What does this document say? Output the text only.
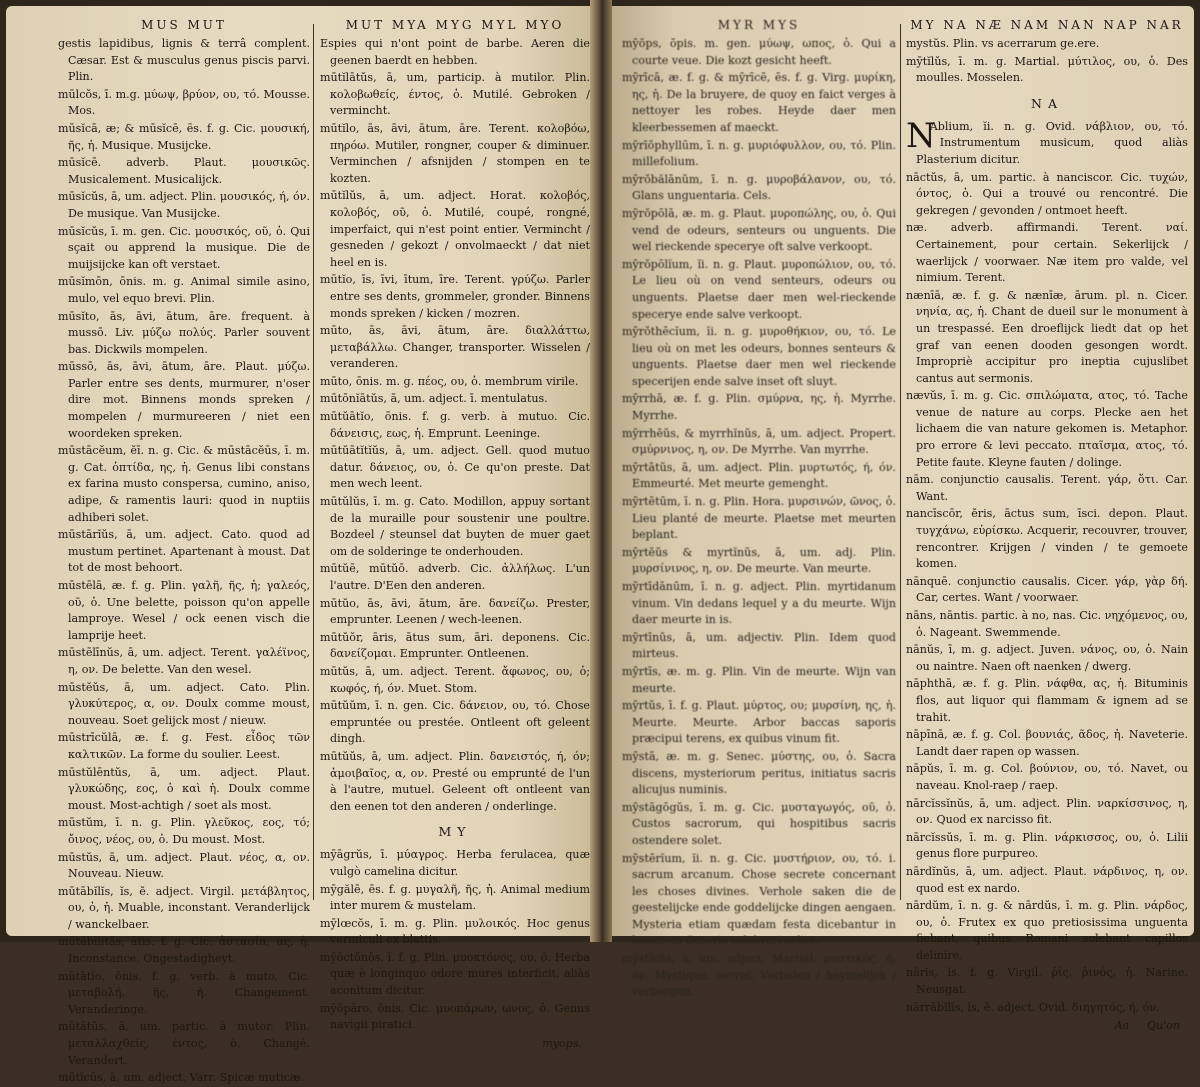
MUS MUT
gestis lapidibus, lignis & terrâ complent. Cæsar. Est & musculus genus piscis parvi. Plin.
mūlcŏs, ī. m.g. μύωψ, βρύον, ου, τό. Mousse. Mos.
mūsĭcā, æ; & mūsĭcē, ēs. f. g. Cic. μουσική, ῆς, ἡ. Musique. Musijcke.
mūsĭcē. adverb. Plaut. μουσικῶς. Musicalement. Musicalijck.
mūsĭcŭs, ā, um. adject. Plin. μουσικός, ή, όν. De musique. Van Musijcke.
mūsĭcŭs, ī. m. gen. Cic. μουσικός, οῦ, ὁ. Qui sçait ou apprend la musique. Die de muijsijcke kan oft verstaet.
mūsĭmōn, ōnis. m. g. Animal simile asino, mulo, vel equo brevi. Plin.
mūsĭto, ās, āvi, ātum, āre. frequent. à mussō. Liv. μύζω πολύς. Parler souvent bas. Dickwils mompelen.
mūssō, ās, āvi, ātum, āre. Plaut. μύζω. Parler entre ses dents, murmurer, n'oser dire mot. Binnens monds spreken / mompelen / murmureeren / niet een woordeken spreken.
mūstācĕum, ĕī. n. g. Cic. & mūstācĕūs, ī. m. g. Cat. ὀπτίδα, ης, ἡ. Genus libi constans ex farina musto conspersa, cumino, aniso, adipe, & ramentis lauri: quod in nuptiis adhiberi solet.
mūstārĭŭs, ā, um. adject. Cato. quod ad mustum pertinet. Apartenant à moust. Dat tot de most behoort.
mūstēlā, æ. f. g. Plin. γαλῆ, ῆς, ἡ; γαλεός, οῦ, ὁ. Une belette, poisson qu'on appelle lamproye. Wesel / ock eenen visch die lamprije heet.
mūstēlīnŭs, ā, um. adject. Terent. γαλέϊνος, η, ον. De belette. Van den wesel.
mūstĕŭs, ā, um. adject. Cato. Plin. γλυκύτερος, α, ον. Doulx comme moust, nouveau. Soet gelijck most / nieuw.
mūstrīcŭlā, æ. f. g. Fest. εἶδος τῶν καλτικῶν. La forme du soulier. Leest.
mūstŭlēntŭs, ā, um. adject. Plaut. γλυκώδης, εος, ὁ καὶ ἡ. Doulx comme moust. Most-achtigh / soet als most.
mūstŭm, ī. n. g. Plin. γλεῦκος, εος, τό; ὄινος, νέος, ου, ὁ. Du moust. Most.
mūstŭs, ā, um. adject. Plaut. νέος, α, ον. Nouveau. Nieuw.
mūtābĭlĭs, ĭs, ĕ. adject. Virgil. μετάβλητος, ου, ὁ, ἡ. Muable, inconstant. Veranderlijck / wanckelbaer.
mūtābĭlĭtās, ātis. f. g. Cic. ἀστασία, ας, ἡ. Inconstance. Ongestadigheyt.
mūtātĭo, ōnis. f. g. verb. à muto. Cic. μεταβολή, ῆς, ἡ. Changement. Veranderinge.
mūtātŭs, ā, um. partic. à mutor. Plin. μεταλλαχθείς, έντος, ὁ. Changé. Verandert.
mūtĭcŭs, ā, um. adject. Varr. Spicæ muticæ.
MUT MYA MYG MYL MYO
Espies qui n'ont point de barbe. Aeren die geenen baerdt en hebben.
mūtĭlātŭs, ā, um, particip. à mutilor. Plin. κολοβωθείς, έντος, ὁ. Mutilé. Gebroken / vermincht.
mūtĭlo, ās, āvi, ātum, āre. Terent. κολοβόω, πηρόω. Mutiler, rongner, couper & diminuer. Verminchen / afsnijden / stompen en te kozten.
mūtĭlŭs, ā, um. adject. Horat. κολοβός, κολοβός, οῦ, ὁ. Mutilé, coupé, rongné, imperfaict, qui n'est point entier. Vermincht / gesneden / gekozt / onvolmaeckt / dat niet heel en is.
mūtĭo, īs, īvi, ītum, īre. Terent. γρύζω. Parler entre ses dents, grommeler, gronder. Binnens monds spreken / kicken / mozren.
mūto, ās, āvi, ātum, āre. διαλλάττω, μεταβάλλω. Changer, transporter. Wisselen / veranderen.
mūto, ōnis. m. g. πέος, ου, ὁ. membrum virile.
mūtōnĭātŭs, ā, um. adject. ī. mentulatus.
mūtŭātĭo, ōnis. f. g. verb. à mutuo. Cic. δάνεισις, εως, ἡ. Emprunt. Leeninge.
mūtŭātĭtĭŭs, ā, um. adject. Gell. quod mutuo datur. δάνειος, ου, ὁ. Ce qu'on preste. Dat men wech leent.
mūtŭlŭs, ī. m. g. Cato. Modillon, appuy sortant de la muraille pour soustenir une poultre. Bozdeel / steunsel dat buyten de muer gaet om de solderinge te onderhouden.
mūtŭē, mūtŭō. adverb. Cic. ἀλλήλως. L'un l'autre. D'Een den anderen.
mūtŭo, ās, āvi, ātum, āre. δανείζω. Prester, emprunter. Leenen / wech-leenen.
mūtŭŏr, āris, ātus sum, āri. deponens. Cic. δανείζομαι. Emprunter. Ontleenen.
mūtŭs, ā, um. adject. Terent. ἄφωνος, ου, ὁ; κωφός, ή, όν. Muet. Stom.
mūtŭŭm, ī. n. gen. Cic. δάνειον, ου, τό. Chose empruntée ou prestée. Ontleent oft geleent dingh.
mūtŭŭs, ā, um. adject. Plin. δανειστός, ή, όν; ἀμοιβαῖος, α, ον. Presté ou emprunté de l'un à l'autre, mutuel. Geleent oft ontleent van den eenen tot den anderen / onderlinge.
MY
mȳāgrŭs, ī. μύαγρος. Herba ferulacea, quæ vulgò camelina dicitur.
mȳgălē, ēs. f. g. μυγαλῆ, ῆς, ἡ. Animal medium inter murem & mustelam.
mȳlœcŏs, ī. m. g. Plin. μυλοικός. Hoc genus vermiculi ex blattis.
mȳŏctŏnŏs, ī. f. g. Plin. μυοκτόνος, ου, ὁ. Herba quæ è longinquo odore mures interficit, aliàs aconitum dicitur.
mȳŏpāro, ōnis. Cic. μυοπάρων, ωνος, ὁ. Genus navigii piratici.
myops.
MYR MYS
mȳŏps, ōpis. m. gen. μύωψ, ωπος, ὁ. Qui a courte veue. Die kozt gesicht heeft.
mȳrīcā, æ. f. g. & mȳrīcē, ēs. f. g. Virg. μυρίκη, ης, ἡ. De la bruyere, de quoy en faict verges à nettoyer les robes. Heyde daer men kleerbessemen af maeckt.
mȳrīŏphyllūm, ī. n. g. μυριόφυλλον, ου, τό. Plin. millefolium.
mȳrŏbălānŭm, ī. n. g. μυροβάλανον, ου, τό. Glans unguentaria. Cels.
mȳrŏpōlā, æ. m. g. Plaut. μυροπώλης, ου, ὁ. Qui vend de odeurs, senteurs ou unguents. Die wel rieckende specerye oft salve verkoopt.
mȳrŏpōlĭum, ĭi. n. g. Plaut. μυροπώλιον, ου, τό. Le lieu où on vend senteurs, odeurs ou unguents. Plaetse daer men wel-rieckende specerye ende salve verkoopt.
mȳrŏthēcĭum, ĭi. n. g. μυροθήκιον, ου, τό. Le lieu où on met les odeurs, bonnes senteurs & unguents. Plaetse daer men wel rieckende specerijen ende salve inset oft sluyt.
mȳrrhā, æ. f. g. Plin. σμύρνα, ης, ἡ. Myrrhe. Myrrhe.
mȳrrhĕŭs, & myrrhĭnŭs, ā, um. adject. Propert. σμύρνινος, η, ον. De Myrrhe. Van myrrhe.
mȳrtātŭs, ā, um. adject. Plin. μυρτωτός, ή, όν. Emmeurté. Met meurte gemenght.
mȳrtētūm, ī. n. g. Plin. Hora. μυρσινών, ῶνος, ὁ. Lieu planté de meurte. Plaetse met meurten beplant.
mȳrtĕŭs & myrtĭnŭs, ā, um. adj. Plin. μυρσίνινος, η, ον. De meurte. Van meurte.
mȳrtīdānūm, ī. n. g. adject. Plin. myrtidanum vinum. Vin dedans lequel y a du meurte. Wijn daer meurte in is.
mȳrtīnŭs, ā, um. adjectiv. Plin. Idem quod mirteus.
mȳrtīs, æ. m. g. Plin. Vin de meurte. Wijn van meurte.
mȳrtŭs, ī. f. g. Plaut. μύρτος, ου; μυρσίνη, ης, ἡ. Meurte. Meurte. Arbor baccas saporis præcipui terens, ex quibus vinum fit.
mȳstā, æ. m. g. Senec. μύστης, ου, ὁ. Sacra discens, mysteriorum peritus, initiatus sacris alicujus numinis.
mȳstāgōgŭs, ī. m. g. Cic. μυσταγωγός, οῦ, ὁ. Custos sacrorum, qui hospitibus sacris ostendere solet.
mȳstērĭum, ĭi. n. g. Cic. μυστήριον, ου, τό. i. sacrum arcanum. Chose secrete concernant les choses divines. Verhole saken die de geestelijcke ende goddelijcke dingen aengaen. Mysteria etiam quædam festa dicebantur in honorem Cereris celebrari solita.
mȳstĭcŭs, ā, um. adject. Martial. μυστικός, ή, όν. Mystique, secret. Verholen / heymelijck / verborgen.
MY NA NÆ NAM NAN NAP NAR
mystŭs. Plin. vs acerrarum ge.ere.
mȳtĭlŭs, ī. m. g. Martial. μύτιλος, ου, ὁ. Des moulles. Mosselen.
NA
N
Ablium, ĭi. n. g. Ovid. νάβλιον, ου, τό. Instrumentum musicum, quod aliàs Plasterium dicitur.
nāctŭs, ā, um. partic. à nanciscor. Cic. τυχών, όντος, ὁ. Qui a trouvé ou rencontré. Die gekregen / gevonden / ontmoet heeft.
næ. adverb. affirmandi. Terent. ναί. Certainement, pour certain. Sekerlijck / waerlijck / voorwaer. Næ item pro valde, vel nimium. Terent.
nænīā, æ. f. g. & nænīæ, ārum. pl. n. Cicer. νηνία, ας, ἡ. Chant de dueil sur le monument à un trespassé. Een droeflijck liedt dat op het graf van eenen dooden gesongen wordt. Impropriè accipitur pro ineptia cujuslibet cantus aut sermonis.
nævŭs, ī. m. g. Cic. σπιλώματα, ατος, τό. Tache venue de nature au corps. Plecke aen het lichaem die van nature gekomen is. Metaphor. pro errore & levi peccato. πταῖσμα, ατος, τό. Petite faute. Kleyne fauten / dolinge.
nām. conjunctio causalis. Terent. γάρ, ὅτι. Car. Want.
nancīscōr, ĕris, āctus sum, īsci. depon. Plaut. τυγχάνω, εὑρίσκω. Acquerir, recouvrer, trouver, rencontrer. Krijgen / vinden / te gemoete komen.
nānquē. conjunctio causalis. Cicer. γάρ, γὰρ δή. Car, certes. Want / voorwaer.
nāns, nāntis. partic. à no, nas. Cic. νηχόμενος, ου, ὁ. Nageant. Swemmende.
nānŭs, ī, m. g. adject. Juven. νάνος, ου, ὁ. Nain ou naintre. Naen oft naenken / dwerg.
nāphthā, æ. f. g. Plin. νάφθα, ας, ἡ. Bituminis flos, aut liquor qui flammam & ignem ad se trahit.
nāpīnā, æ. f. g. Col. βουνιάς, ᾶδος, ἡ. Naveterie. Landt daer rapen op wassen.
nāpŭs, ī. m. g. Col. βούνιον, ου, τό. Navet, ou naveau. Knol-raep / raep.
nārcĭssĭnŭs, ā, um. adject. Plin. ναρκίσσινος, η, ον. Quod ex narcisso fit.
nārcĭssŭs, ī. m. g. Plin. νάρκισσος, ου, ὁ. Lilii genus flore purpureo.
nārdĭnŭs, ā, um. adject. Plaut. νάρδινος, η, ον. quod est ex nardo.
nārdŭm, ī. n. g. & nārdŭs, ī. m. g. Plin. νάρδος, ου, ὁ. Frutex ex quo pretiosissima unguenta fiebant, quibus Romani solebant capillos delinire.
nārĭs, ĭs. f. g. Virgil. ῥίς, ῥινός, ἡ. Narine. Neusgat.
nārrābĭlĭs, ĭs, ĕ. adject. Ovid. διηγητός, ή, όν.
Aa Qu'on
